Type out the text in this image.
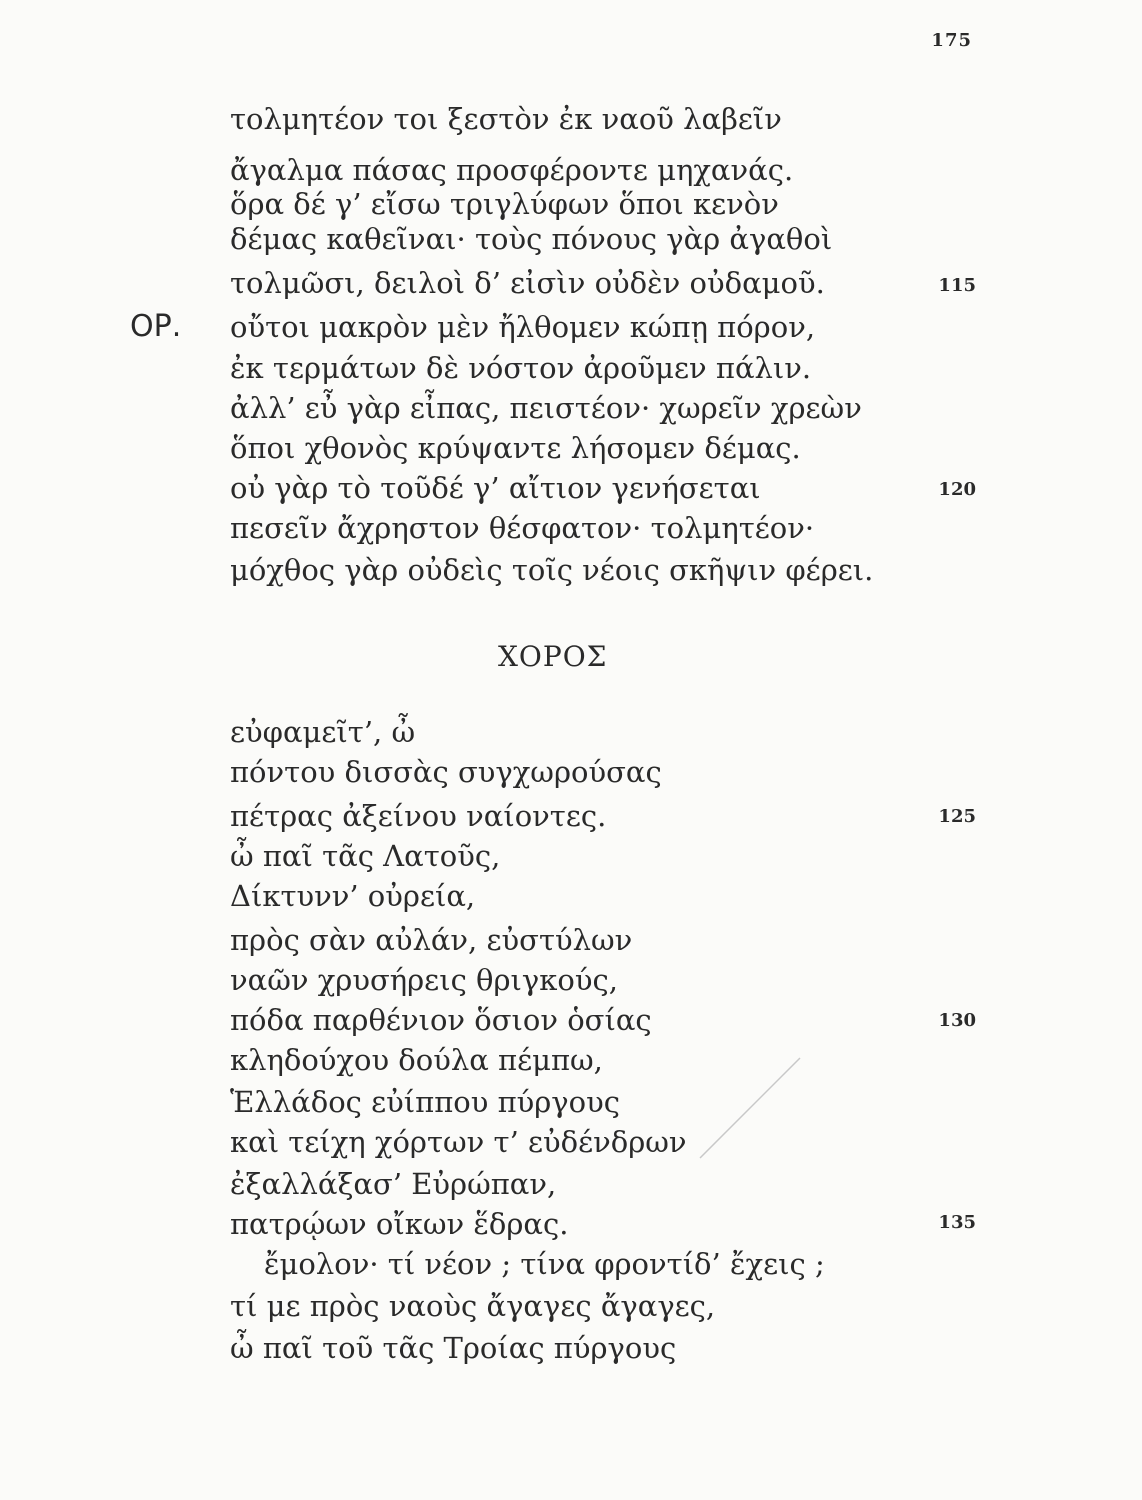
175
τολμητέον τοι ξεστὸν ἐκ ναοῦ λαβεῖν
ἄγαλμα πάσας προσφέροντε μηχανάς.
ὅρα δέ γ’ εἴσω τριγλύφων ὅποι κενὸν
δέμας καθεῖναι· τοὺς πόνους γὰρ ἀγαθοὶ
τολμῶσι, δειλοὶ δ’ εἰσὶν οὐδὲν οὐδαμοῦ.
ΟΡ. οὔτοι μακρὸν μὲν ἤλθομεν κώπῃ πόρον,
ἐκ τερμάτων δὲ νόστον ἀροῦμεν πάλιν.
ἀλλ’ εὖ γὰρ εἶπας, πειστέον· χωρεῖν χρεὼν
ὅποι χθονὸς κρύψαντε λήσομεν δέμας.
οὐ γὰρ τὸ τοῦδέ γ’ αἴτιον γενήσεται
πεσεῖν ἄχρηστον θέσφατον· τολμητέον·
μόχθος γὰρ οὐδεὶς τοῖς νέοις σκῆψιν φέρει.
ΧΟΡΟΣ
εὐφαμεῖτ’, ὦ
πόντου δισσὰς συγχωρούσας
πέτρας ἀξείνου ναίοντες.
ὦ παῖ τᾶς Λατοῦς,
Δίκτυνν’ οὐρεία,
πρὸς σὰν αὐλάν, εὐστύλων
ναῶν χρυσήρεις θριγκούς,
πόδα παρθένιον ὅσιον ὁσίας
κληδούχου δούλα πέμπω,
Ἑλλάδος εὐίππου πύργους
καὶ τείχη χόρτων τ’ εὐδένδρων
ἐξαλλάξασ’ Εὐρώπαν,
πατρῴων οἴκων ἕδρας.
ἔμολον· τί νέον ; τίνα φροντίδ’ ἔχεις ;
τί με πρὸς ναοὺς ἄγαγες ἄγαγες,
ὦ παῖ τοῦ τᾶς Τροίας πύργους
115
120
125
130
135
